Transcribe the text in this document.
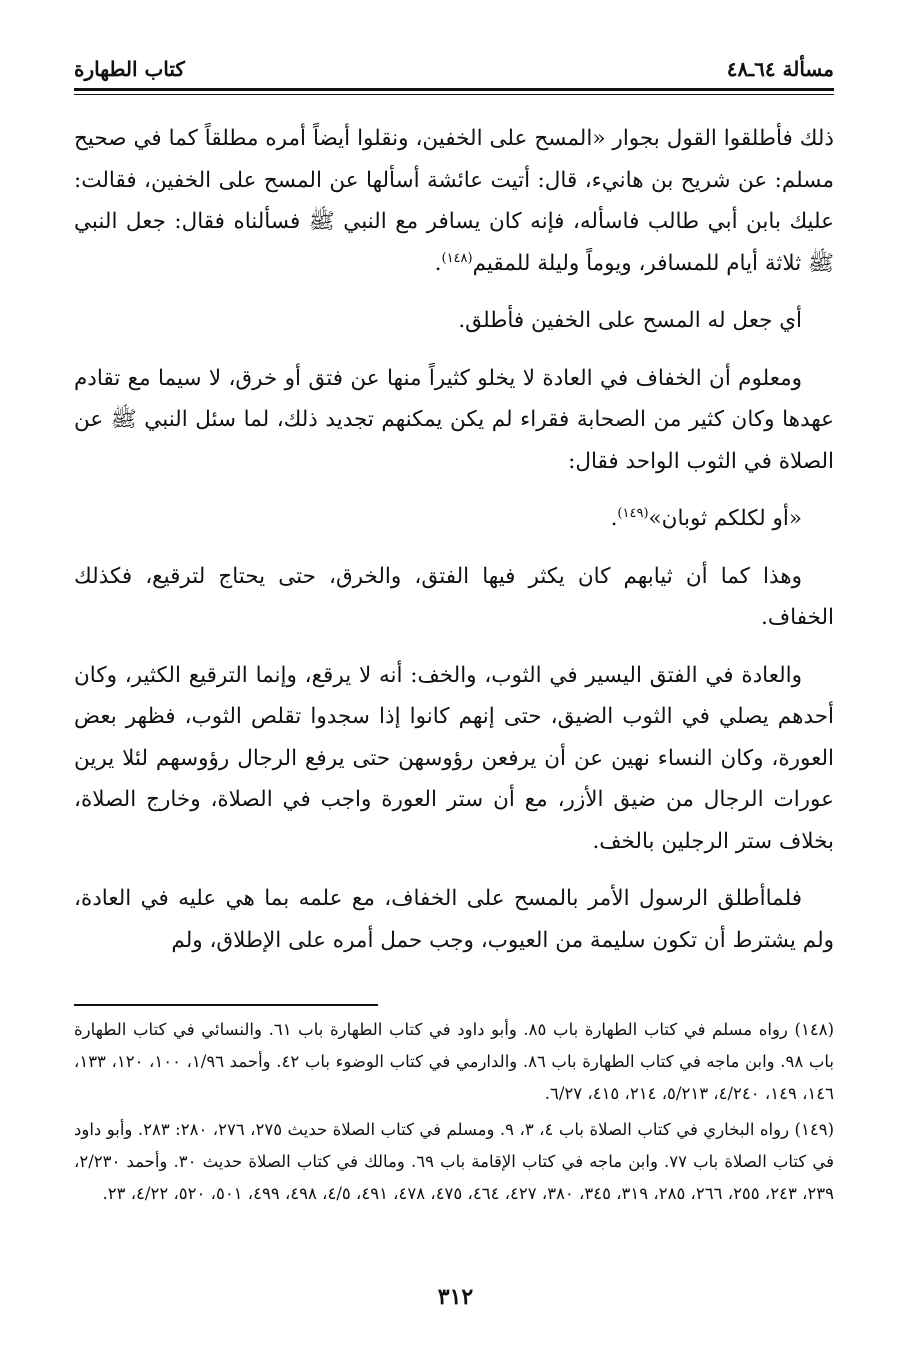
مسألة ٦٤ـ٤٨
كتاب الطهارة

ذلك فأطلقوا القول بجوار «المسح على الخفين، ونقلوا أيضاً أمره مطلقاً كما في صحيح مسلم: عن شريح بن هانيء، قال: أتيت عائشة أسألها عن المسح على الخفين، فقالت: عليك بابن أبي طالب فاسأله، فإنه كان يسافر مع النبي ﷺ فسألناه فقال: جعل النبي ﷺ ثلاثة أيام للمسافر، ويوماً وليلة للمقيم$^{(١٤٨)}$.

أي جعل له المسح على الخفين فأطلق.

ومعلوم أن الخفاف في العادة لا يخلو كثيراً منها عن فتق أو خرق، لا سيما مع تقادم عهدها وكان كثير من الصحابة فقراء لم يكن يمكنهم تجديد ذلك، لما سئل النبي ﷺ عن الصلاة في الثوب الواحد فقال:

«أو لكلكم ثوبان»$^{(١٤٩)}$.

وهذا كما أن ثيابهم كان يكثر فيها الفتق، والخرق، حتى يحتاج لترقيع، فكذلك الخفاف.

والعادة في الفتق اليسير في الثوب، والخف: أنه لا يرقع، وإنما الترقيع الكثير، وكان أحدهم يصلي في الثوب الضيق، حتى إنهم كانوا إذا سجدوا تقلص الثوب، فظهر بعض العورة، وكان النساء نهين عن أن يرفعن رؤوسهن حتى يرفع الرجال رؤوسهم لئلا يرين عورات الرجال من ضيق الأزر، مع أن ستر العورة واجب في الصلاة، وخارج الصلاة، بخلاف ستر الرجلين بالخف.

فلماأطلق الرسول الأمر بالمسح على الخفاف، مع علمه بما هي عليه في العادة، ولم يشترط أن تكون سليمة من العيوب، وجب حمل أمره على الإطلاق، ولم

(١٤٨) رواه مسلم في كتاب الطهارة باب ٨٥. وأبو داود في كتاب الطهارة باب ٦١. والنسائي في كتاب الطهارة باب ٩٨. وابن ماجه في كتاب الطهارة باب ٨٦. والدارمي في كتاب الوضوء باب ٤٢. وأحمد ١/٩٦، ١٠٠، ١٢٠، ١٣٣، ١٤٦، ١٤٩، ٤/٢٤٠، ٥/٢١٣، ٢١٤، ٤١٥، ٦/٢٧.

(١٤٩) رواه البخاري في كتاب الصلاة باب ٤، ٣، ٩. ومسلم في كتاب الصلاة حديث ٢٧٥، ٢٧٦، ٢٨٠: ٢٨٣. وأبو داود في كتاب الصلاة باب ٧٧. وابن ماجه في كتاب الإقامة باب ٦٩. ومالك في كتاب الصلاة حديث ٣٠. وأحمد ٢/٢٣٠، ٢٣٩، ٢٤٣، ٢٥٥، ٢٦٦، ٢٨٥، ٣١٩، ٣٤٥، ٣٨٠، ٤٢٧، ٤٦٤، ٤٧٥، ٤٧٨، ٤٩١، ٤/٥، ٤٩٨، ٤٩٩، ٥٠١، ٥٢٠، ٤/٢٢، ٢٣.

٣١٢
